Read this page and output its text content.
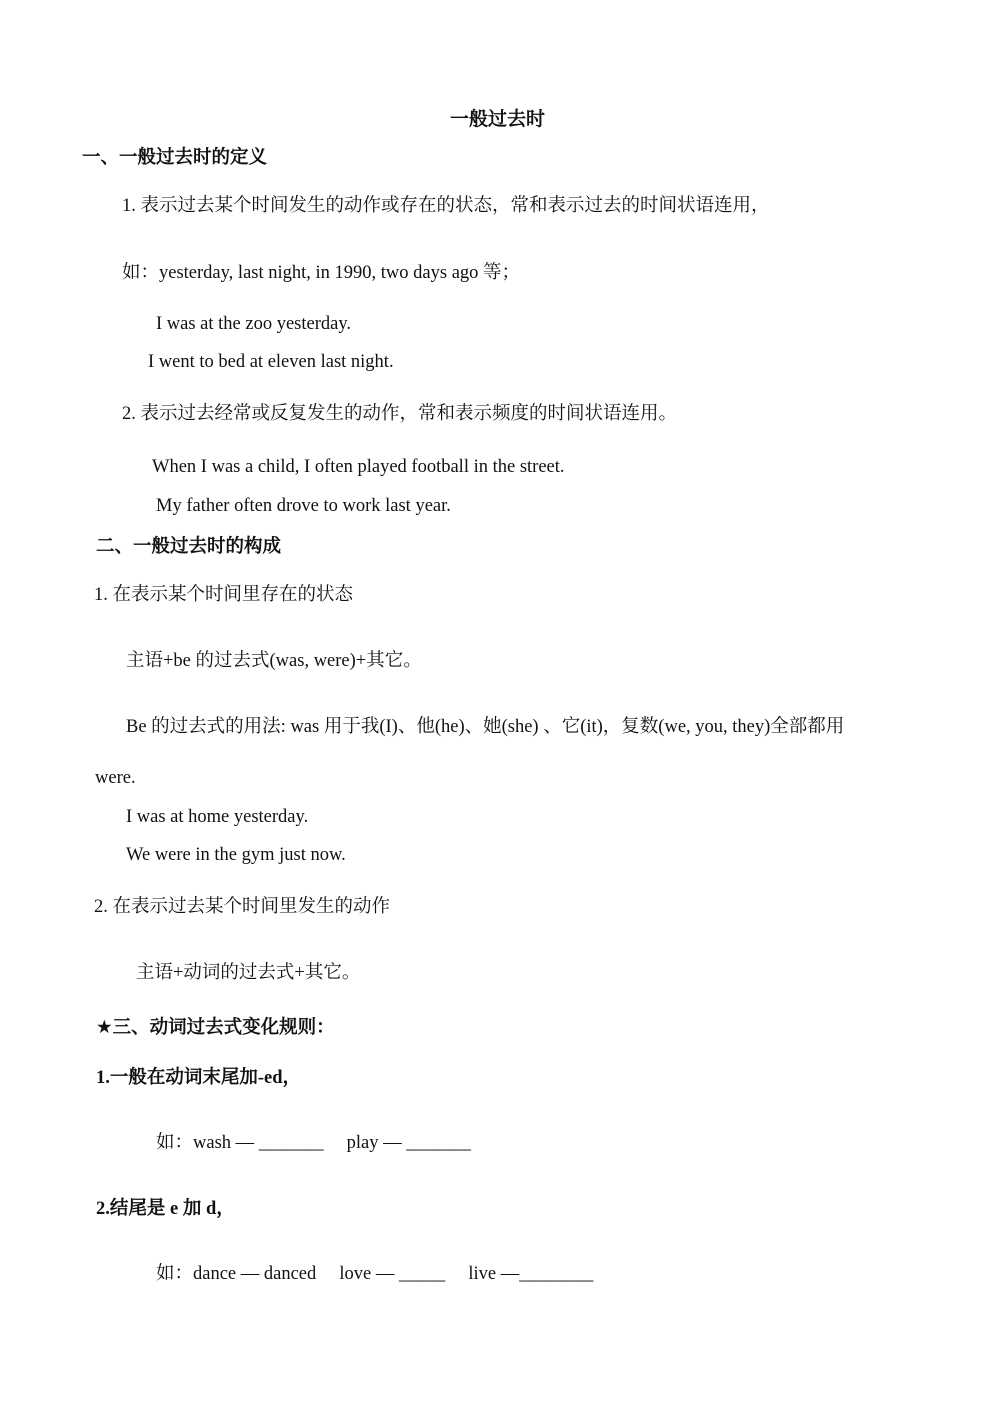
一般过去时
一、一般过去时的定义
1. 表示过去某个时间发生的动作或存在的状态，常和表示过去的时间状语连用，
如：yesterday, last night, in 1990, two days ago 等；
I was at the zoo yesterday.
I went to bed at eleven last night.
2. 表示过去经常或反复发生的动作，常和表示频度的时间状语连用。
When I was a child, I often played football in the street.
My father often drove to work last year.
二、一般过去时的构成
1. 在表示某个时间里存在的状态
主语+be 的过去式(was, were)+其它。
Be 的过去式的用法: was 用于我(I)、他(he)、她(she) 、它(it)，复数(we, you, they)全部都用
were.
I was at home yesterday.
We were in the gym just now.
2. 在表示过去某个时间里发生的动作
主语+动词的过去式+其它。
★三、动词过去式变化规则：
1.一般在动词末尾加-ed，
如：wash — _______     play — _______
2.结尾是 e 加 d，
如：dance — danced     love — _____     live —________
